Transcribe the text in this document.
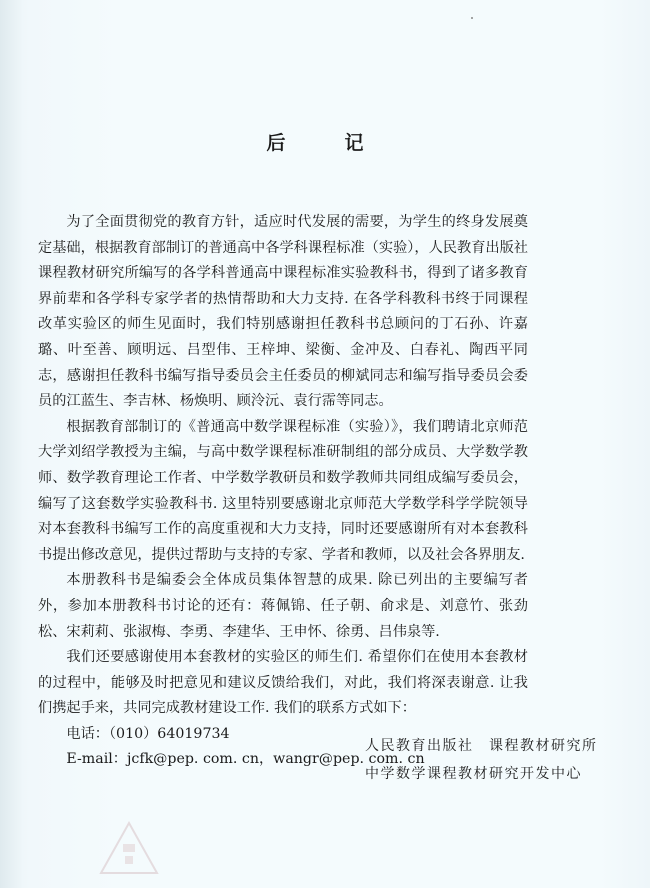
后　记

为了全面贯彻党的教育方针，适应时代发展的需要，为学生的终身发展奠定基础，根据教育部制订的普通高中各学科课程标准（实验），人民教育出版社课程教材研究所编写的各学科普通高中课程标准实验教科书，得到了诸多教育界前辈和各学科专家学者的热情帮助和大力支持. 在各学科教科书终于同课程改革实验区的师生见面时，我们特别感谢担任教科书总顾问的丁石孙、许嘉璐、叶至善、顾明远、吕型伟、王梓坤、梁衡、金冲及、白春礼、陶西平同志，感谢担任教科书编写指导委员会主任委员的柳斌同志和编写指导委员会委员的江蓝生、李吉林、杨焕明、顾泠沅、袁行霈等同志。

根据教育部制订的《普通高中数学课程标准（实验）》，我们聘请北京师范大学刘绍学教授为主编，与高中数学课程标准研制组的部分成员、大学数学教师、数学教育理论工作者、中学数学教研员和数学教师共同组成编写委员会，编写了这套数学实验教科书. 这里特别要感谢北京师范大学数学科学学院领导对本套教科书编写工作的高度重视和大力支持，同时还要感谢所有对本套教科书提出修改意见，提供过帮助与支持的专家、学者和教师，以及社会各界朋友.

本册教科书是编委会全体成员集体智慧的成果. 除已列出的主要编写者外，参加本册教科书讨论的还有：蒋佩锦、任子朝、俞求是、刘意竹、张劲松、宋莉莉、张淑梅、李勇、李建华、王申怀、徐勇、吕伟泉等.

我们还要感谢使用本套教材的实验区的师生们. 希望你们在使用本套教材的过程中，能够及时把意见和建议反馈给我们，对此，我们将深表谢意. 让我们携起手来，共同完成教材建设工作. 我们的联系方式如下：

电话：（010）64019734

E-mail：jcfk@pep. com. cn，wangr@pep. com. cn

人民教育出版社　课程教材研究所
中学数学课程教材研究开发中心
